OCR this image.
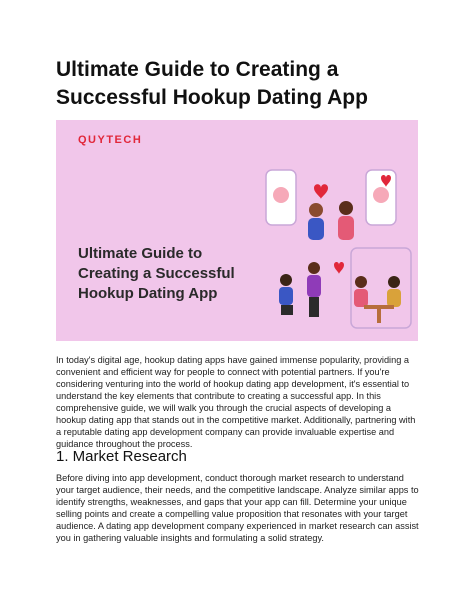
Ultimate Guide to Creating a Successful Hookup Dating App
QUYTECH
Ultimate Guide to Creating a Successful Hookup Dating App
In today's digital age, hookup dating apps have gained immense popularity, providing a convenient and efficient way for people to connect with potential partners. If you're considering venturing into the world of hookup dating app development, it's essential to understand the key elements that contribute to creating a successful app. In this comprehensive guide, we will walk you through the crucial aspects of developing a hookup dating app that stands out in the competitive market. Additionally, partnering with a reputable dating app development company can provide invaluable expertise and guidance throughout the process.
1. Market Research
Before diving into app development, conduct thorough market research to understand your target audience, their needs, and the competitive landscape. Analyze similar apps to identify strengths, weaknesses, and gaps that your app can fill. Determine your unique selling points and create a compelling value proposition that resonates with your target audience. A dating app development company experienced in market research can assist you in gathering valuable insights and formulating a solid strategy.
